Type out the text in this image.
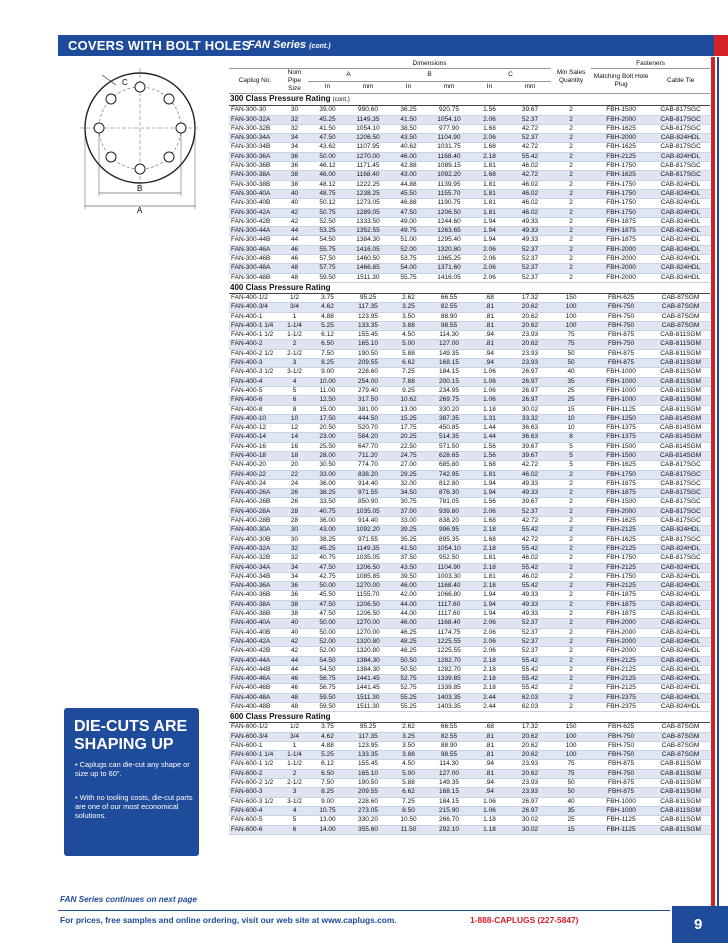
COVERS WITH BOLT HOLES
FAN Series (cont.)
C
B
A
		Dimensions						Min Sales Quantity	Fasteners	
Caplug No.	Nom Pipe Size	A		B		C			Matching Bolt Hole Plug	Cable Tie
		In	mm	In	mm	In	mm			
300 Class Pressure Rating (cont.)										
FAN-300-30	30	39.00	990.60	36.25	920.75	1.56	39.67	2	FBH-1500	CAB-817SGC
FAN-300-32A	32	45.25	1149.35	41.50	1054.10	2.06	52.37	2	FBH-2000	CAB-817SGC
FAN-300-32B	32	41.50	1054.10	38.50	977.90	1.68	42.72	2	FBH-1625	CAB-817SGC
FAN-300-34A	34	47.50	1206.50	43.50	1104.90	2.06	52.37	2	FBH-2000	CAB-824HDL
FAN-300-34B	34	43.62	1107.95	40.62	1031.75	1.68	42.72	2	FBH-1625	CAB-817SGC
FAN-300-36A	36	50.00	1270.00	46.00	1168.40	2.18	55.42	2	FBH-2125	CAB-824HDL
FAN-300-36B	36	46.12	1171.45	42.88	1089.15	1.81	46.02	2	FBH-1750	CAB-817SGC
FAN-300-38A	38	46.00	1168.40	43.00	1092.20	1.68	42.72	2	FBH-1625	CAB-817SGC
FAN-300-38B	38	48.12	1222.25	44.88	1139.95	1.81	46.02	2	FBH-1750	CAB-824HDL
FAN-300-40A	40	48.75	1238.25	45.50	1155.70	1.81	46.02	2	FBH-1750	CAB-824HDL
FAN-300-40B	40	50.12	1273.05	46.88	1190.75	1.81	46.02	2	FBH-1750	CAB-824HDL
FAN-300-42A	42	50.75	1289.05	47.50	1206.50	1.81	46.02	2	FBH-1750	CAB-824HDL
FAN-300-42B	42	52.50	1333.50	49.00	1244.60	1.94	49.33	2	FBH-1875	CAB-824HDL
FAN-300-44A	44	53.25	1352.55	49.75	1263.65	1.94	49.33	2	FBH-1875	CAB-824HDL
FAN-300-44B	44	54.50	1384.30	51.00	1295.40	1.94	49.33	2	FBH-1875	CAB-824HDL
FAN-300-46A	46	55.75	1416.05	52.00	1320.80	2.06	52.37	2	FBH-2000	CAB-824HDL
FAN-300-46B	46	57.50	1460.50	53.75	1365.25	2.06	52.37	2	FBH-2000	CAB-824HDL
FAN-300-48A	48	57.75	1466.85	54.00	1371.60	2.06	52.37	2	FBH-2000	CAB-824HDL
FAN-300-48B	48	59.50	1511.30	55.75	1416.05	2.06	52.37	2	FBH-2000	CAB-824HDL
400 Class Pressure Rating										
FAN-400-1/2	1/2	3.75	95.25	2.62	66.55	.68	17.32	150	FBH-625	CAB-87SGM
FAN-400-3/4	3/4	4.62	117.35	3.25	82.55	.81	20.62	100	FBH-750	CAB-87SGM
FAN-400-1	1	4.88	123.95	3.50	88.90	.81	20.62	100	FBH-750	CAB-87SGM
FAN-400-1 1/4	1-1/4	5.25	133.35	3.88	98.55	.81	20.62	100	FBH-750	CAB-87SGM
FAN-400-1 1/2	1-1/2	6.12	155.45	4.50	114.30	.94	23.93	75	FBH-875	CAB-811SGM
FAN-400-2	2	6.50	165.10	5.00	127.00	.81	20.62	75	FBH-750	CAB-811SGM
FAN-400-2 1/2	2-1/2	7.50	190.50	5.88	149.35	.94	23.93	50	FBH-875	CAB-811SGM
FAN-400-3	3	8.25	209.55	6.62	168.15	.94	23.93	50	FBH-875	CAB-811SGM
FAN-400-3 1/2	3-1/2	9.00	228.60	7.25	184.15	1.06	26.97	40	FBH-1000	CAB-811SGM
FAN-400-4	4	10.00	254.00	7.88	200.15	1.06	26.97	35	FBH-1000	CAB-811SGM
FAN-400-5	5	11.00	279.40	9.25	234.95	1.06	26.97	25	FBH-1000	CAB-811SGM
FAN-400-6	6	12.50	317.50	10.62	269.75	1.06	26.97	25	FBH-1000	CAB-811SGM
FAN-400-8	8	15.00	381.00	13.00	330.20	1.18	30.02	15	FBH-1125	CAB-811SGM
FAN-400-10	10	17.50	444.50	15.25	387.35	1.31	33.32	10	FBH-1250	CAB-814SGM
FAN-400-12	12	20.50	520.70	17.75	450.85	1.44	36.63	10	FBH-1375	CAB-814SGM
FAN-400-14	14	23.00	584.20	20.25	514.35	1.44	36.63	8	FBH-1375	CAB-814SGM
FAN-400-16	16	25.50	647.70	22.50	571.50	1.56	39.67	5	FBH-1500	CAB-814SGM
FAN-400-18	18	28.00	711.20	24.75	628.65	1.56	39.67	5	FBH-1500	CAB-814SGM
FAN-400-20	20	30.50	774.70	27.00	685.80	1.68	42.72	5	FBH-1625	CAB-817SGC
FAN-400-22	22	33.00	838.20	29.25	742.95	1.81	46.02	2	FBH-1750	CAB-817SGC
FAN-400-24	24	36.00	914.40	32.00	812.80	1.94	49.33	2	FBH-1875	CAB-817SGC
FAN-400-26A	26	38.25	971.55	34.50	876.30	1.94	49.33	2	FBH-1875	CAB-817SGC
FAN-400-26B	26	33.50	850.90	30.75	781.05	1.56	39.67	2	FBH-1500	CAB-817SGC
FAN-400-28A	28	40.75	1035.05	37.00	939.80	2.06	52.37	2	FBH-2000	CAB-817SGC
FAN-400-28B	28	36.00	914.40	33.00	838.20	1.68	42.72	2	FBH-1625	CAB-817SGC
FAN-400-30A	30	43.00	1092.20	39.25	996.95	2.18	55.42	2	FBH-2125	CAB-824HDL
FAN-400-30B	30	38.25	971.55	35.25	895.35	1.68	42.72	2	FBH-1625	CAB-817SGC
FAN-400-32A	32	45.25	1149.35	41.50	1054.10	2.18	55.42	2	FBH-2125	CAB-824HDL
FAN-400-32B	32	40.75	1035.05	37.50	952.50	1.81	46.02	2	FBH-1750	CAB-817SGC
FAN-400-34A	34	47.50	1206.50	43.50	1104.90	2.18	55.42	2	FBH-2125	CAB-824HDL
FAN-400-34B	34	42.75	1085.85	39.50	1003.30	1.81	46.02	2	FBH-1750	CAB-824HDL
FAN-400-36A	36	50.00	1270.00	46.00	1168.40	2.18	55.42	2	FBH-2125	CAB-824HDL
FAN-400-36B	36	45.50	1155.70	42.00	1066.80	1.94	49.33	2	FBH-1875	CAB-824HDL
FAN-400-38A	38	47.50	1206.50	44.00	1117.60	1.94	49.33	2	FBH-1875	CAB-824HDL
FAN-400-38B	38	47.50	1206.50	44.00	1117.60	1.94	49.33	2	FBH-1875	CAB-824HDL
FAN-400-40A	40	50.00	1270.00	46.00	1168.40	2.06	52.37	2	FBH-2000	CAB-824HDL
FAN-400-40B	40	50.00	1270.00	46.25	1174.75	2.06	52.37	2	FBH-2000	CAB-824HDL
FAN-400-42A	42	52.00	1320.80	48.25	1225.55	2.06	52.37	2	FBH-2000	CAB-824HDL
FAN-400-42B	42	52.00	1320.80	48.25	1225.55	2.06	52.37	2	FBH-2000	CAB-824HDL
FAN-400-44A	44	54.50	1384.30	50.50	1282.70	2.18	55.42	2	FBH-2125	CAB-824HDL
FAN-400-44B	44	54.50	1384.30	50.50	1282.70	2.18	55.42	2	FBH-2125	CAB-824HDL
FAN-400-46A	46	56.75	1441.45	52.75	1339.85	2.18	55.42	2	FBH-2125	CAB-824HDL
FAN-400-46B	46	56.75	1441.45	52.75	1339.85	2.18	55.42	2	FBH-2125	CAB-824HDL
FAN-400-48A	48	59.50	1511.30	55.25	1403.35	2.44	62.03	2	FBH-2375	CAB-824HDL
FAN-400-48B	48	59.50	1511.30	55.25	1403.35	2.44	62.03	2	FBH-2375	CAB-824HDL
600 Class Pressure Rating										
FAN-600-1/2	1/2	3.75	95.25	2.62	66.55	.68	17.32	150	FBH-625	CAB-87SGM
FAN-600-3/4	3/4	4.62	117.35	3.25	82.55	.81	20.62	100	FBH-750	CAB-87SGM
FAN-600-1	1	4.88	123.95	3.50	88.90	.81	20.62	100	FBH-750	CAB-87SGM
FAN-600-1 1/4	1-1/4	5.25	133.35	3.88	98.55	.81	20.62	100	FBH-750	CAB-87SGM
FAN-600-1 1/2	1-1/2	6.12	155.45	4.50	114.30	.94	23.93	75	FBH-875	CAB-811SGM
FAN-600-2	2	6.50	165.10	5.00	127.00	.81	20.62	75	FBH-750	CAB-811SGM
FAN-600-2 1/2	2-1/2	7.50	190.50	5.88	149.35	.94	23.93	50	FBH-875	CAB-811SGM
FAN-600-3	3	8.25	209.55	6.62	168.15	.94	23.93	50	FBH-875	CAB-811SGM
FAN-600-3 1/2	3-1/2	9.00	228.60	7.25	184.15	1.06	26.97	40	FBH-1000	CAB-811SGM
FAN-600-4	4	10.75	273.05	8.50	215.90	1.06	26.97	35	FBH-1000	CAB-811SGM
FAN-600-5	5	13.00	330.20	10.50	266.70	1.18	30.02	25	FBH-1125	CAB-811SGM
FAN-600-6	6	14.00	355.60	11.50	292.10	1.18	30.02	15	FBH-1125	CAB-811SGM
DIE-CUTS ARE
SHAPING UP
• Caplugs can die-cut any shape or size up to 60".
• With no tooling costs, die-cut parts are one of our most economical solutions.
FAN Series continues on next page
For prices, free samples and online ordering, visit our web site at www.caplugs.com.	1-888-CAPLUGS (227-5847)	9
